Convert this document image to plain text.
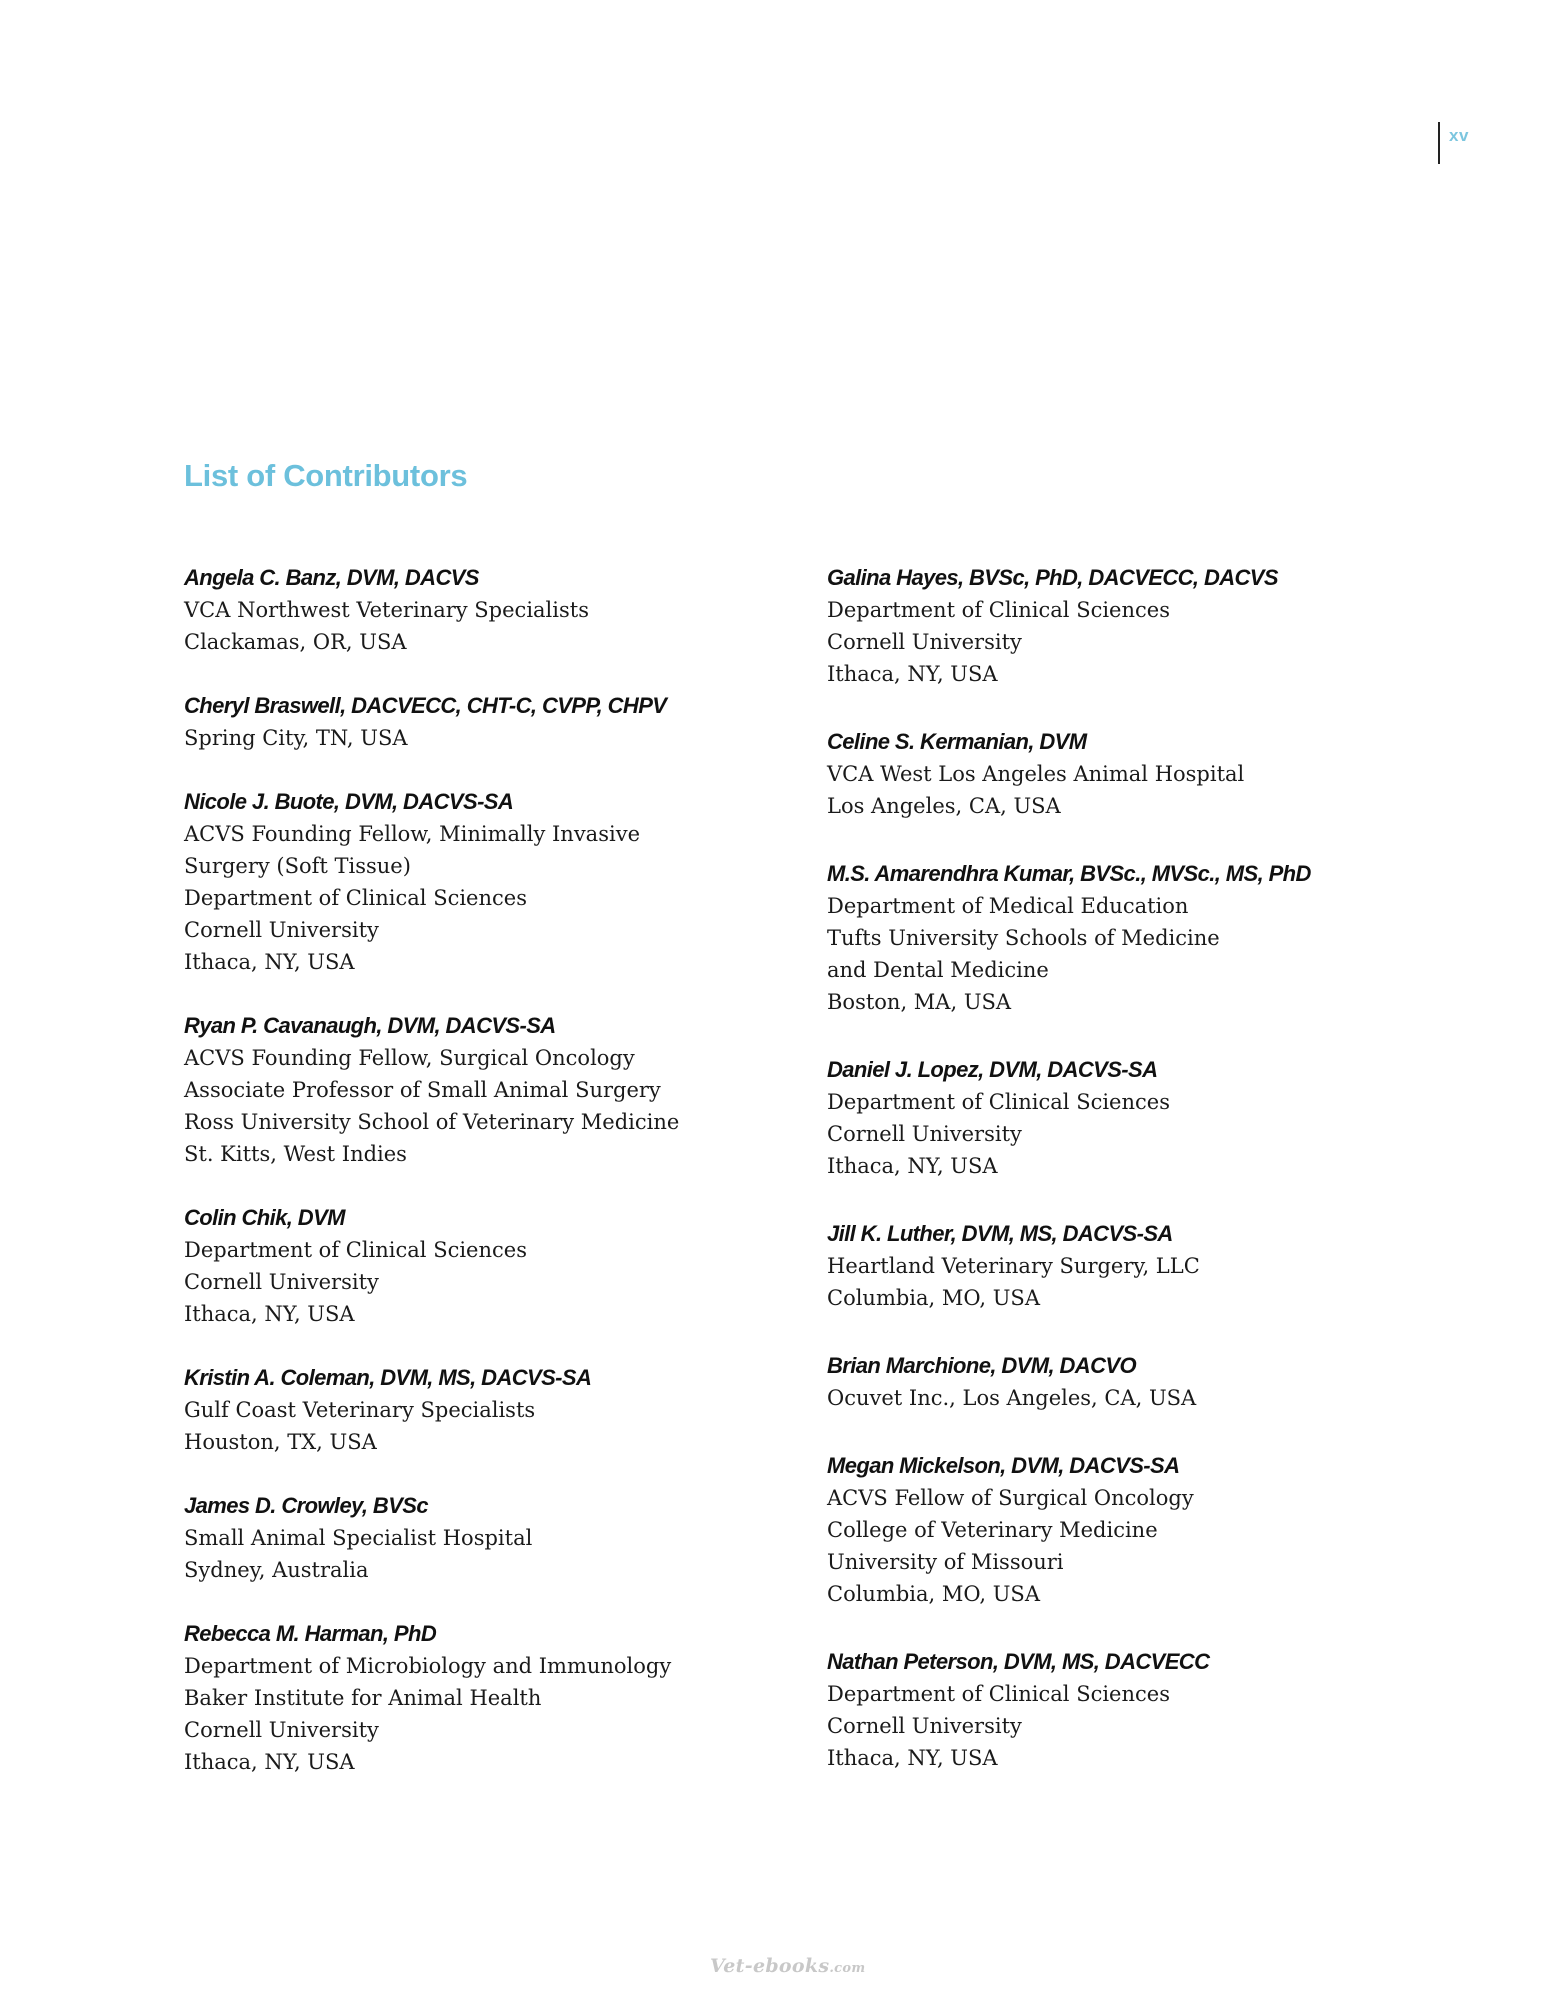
xv
List of Contributors
Angela C. Banz, DVM, DACVS
VCA Northwest Veterinary Specialists
Clackamas, OR, USA
Cheryl Braswell, DACVECC, CHT-C, CVPP, CHPV
Spring City, TN, USA
Nicole J. Buote, DVM, DACVS-SA
ACVS Founding Fellow, Minimally Invasive
Surgery (Soft Tissue)
Department of Clinical Sciences
Cornell University
Ithaca, NY, USA
Ryan P. Cavanaugh, DVM, DACVS-SA
ACVS Founding Fellow, Surgical Oncology
Associate Professor of Small Animal Surgery
Ross University School of Veterinary Medicine
St. Kitts, West Indies
Colin Chik, DVM
Department of Clinical Sciences
Cornell University
Ithaca, NY, USA
Kristin A. Coleman, DVM, MS, DACVS-SA
Gulf Coast Veterinary Specialists
Houston, TX, USA
James D. Crowley, BVSc
Small Animal Specialist Hospital
Sydney, Australia
Rebecca M. Harman, PhD
Department of Microbiology and Immunology
Baker Institute for Animal Health
Cornell University
Ithaca, NY, USA
Galina Hayes, BVSc, PhD, DACVECC, DACVS
Department of Clinical Sciences
Cornell University
Ithaca, NY, USA
Celine S. Kermanian, DVM
VCA West Los Angeles Animal Hospital
Los Angeles, CA, USA
M.S. Amarendhra Kumar, BVSc., MVSc., MS, PhD
Department of Medical Education
Tufts University Schools of Medicine
and Dental Medicine
Boston, MA, USA
Daniel J. Lopez, DVM, DACVS-SA
Department of Clinical Sciences
Cornell University
Ithaca, NY, USA
Jill K. Luther, DVM, MS, DACVS-SA
Heartland Veterinary Surgery, LLC
Columbia, MO, USA
Brian Marchione, DVM, DACVO
Ocuvet Inc., Los Angeles, CA, USA
Megan Mickelson, DVM, DACVS-SA
ACVS Fellow of Surgical Oncology
College of Veterinary Medicine
University of Missouri
Columbia, MO, USA
Nathan Peterson, DVM, MS, DACVECC
Department of Clinical Sciences
Cornell University
Ithaca, NY, USA
Vet-ebooks.com
